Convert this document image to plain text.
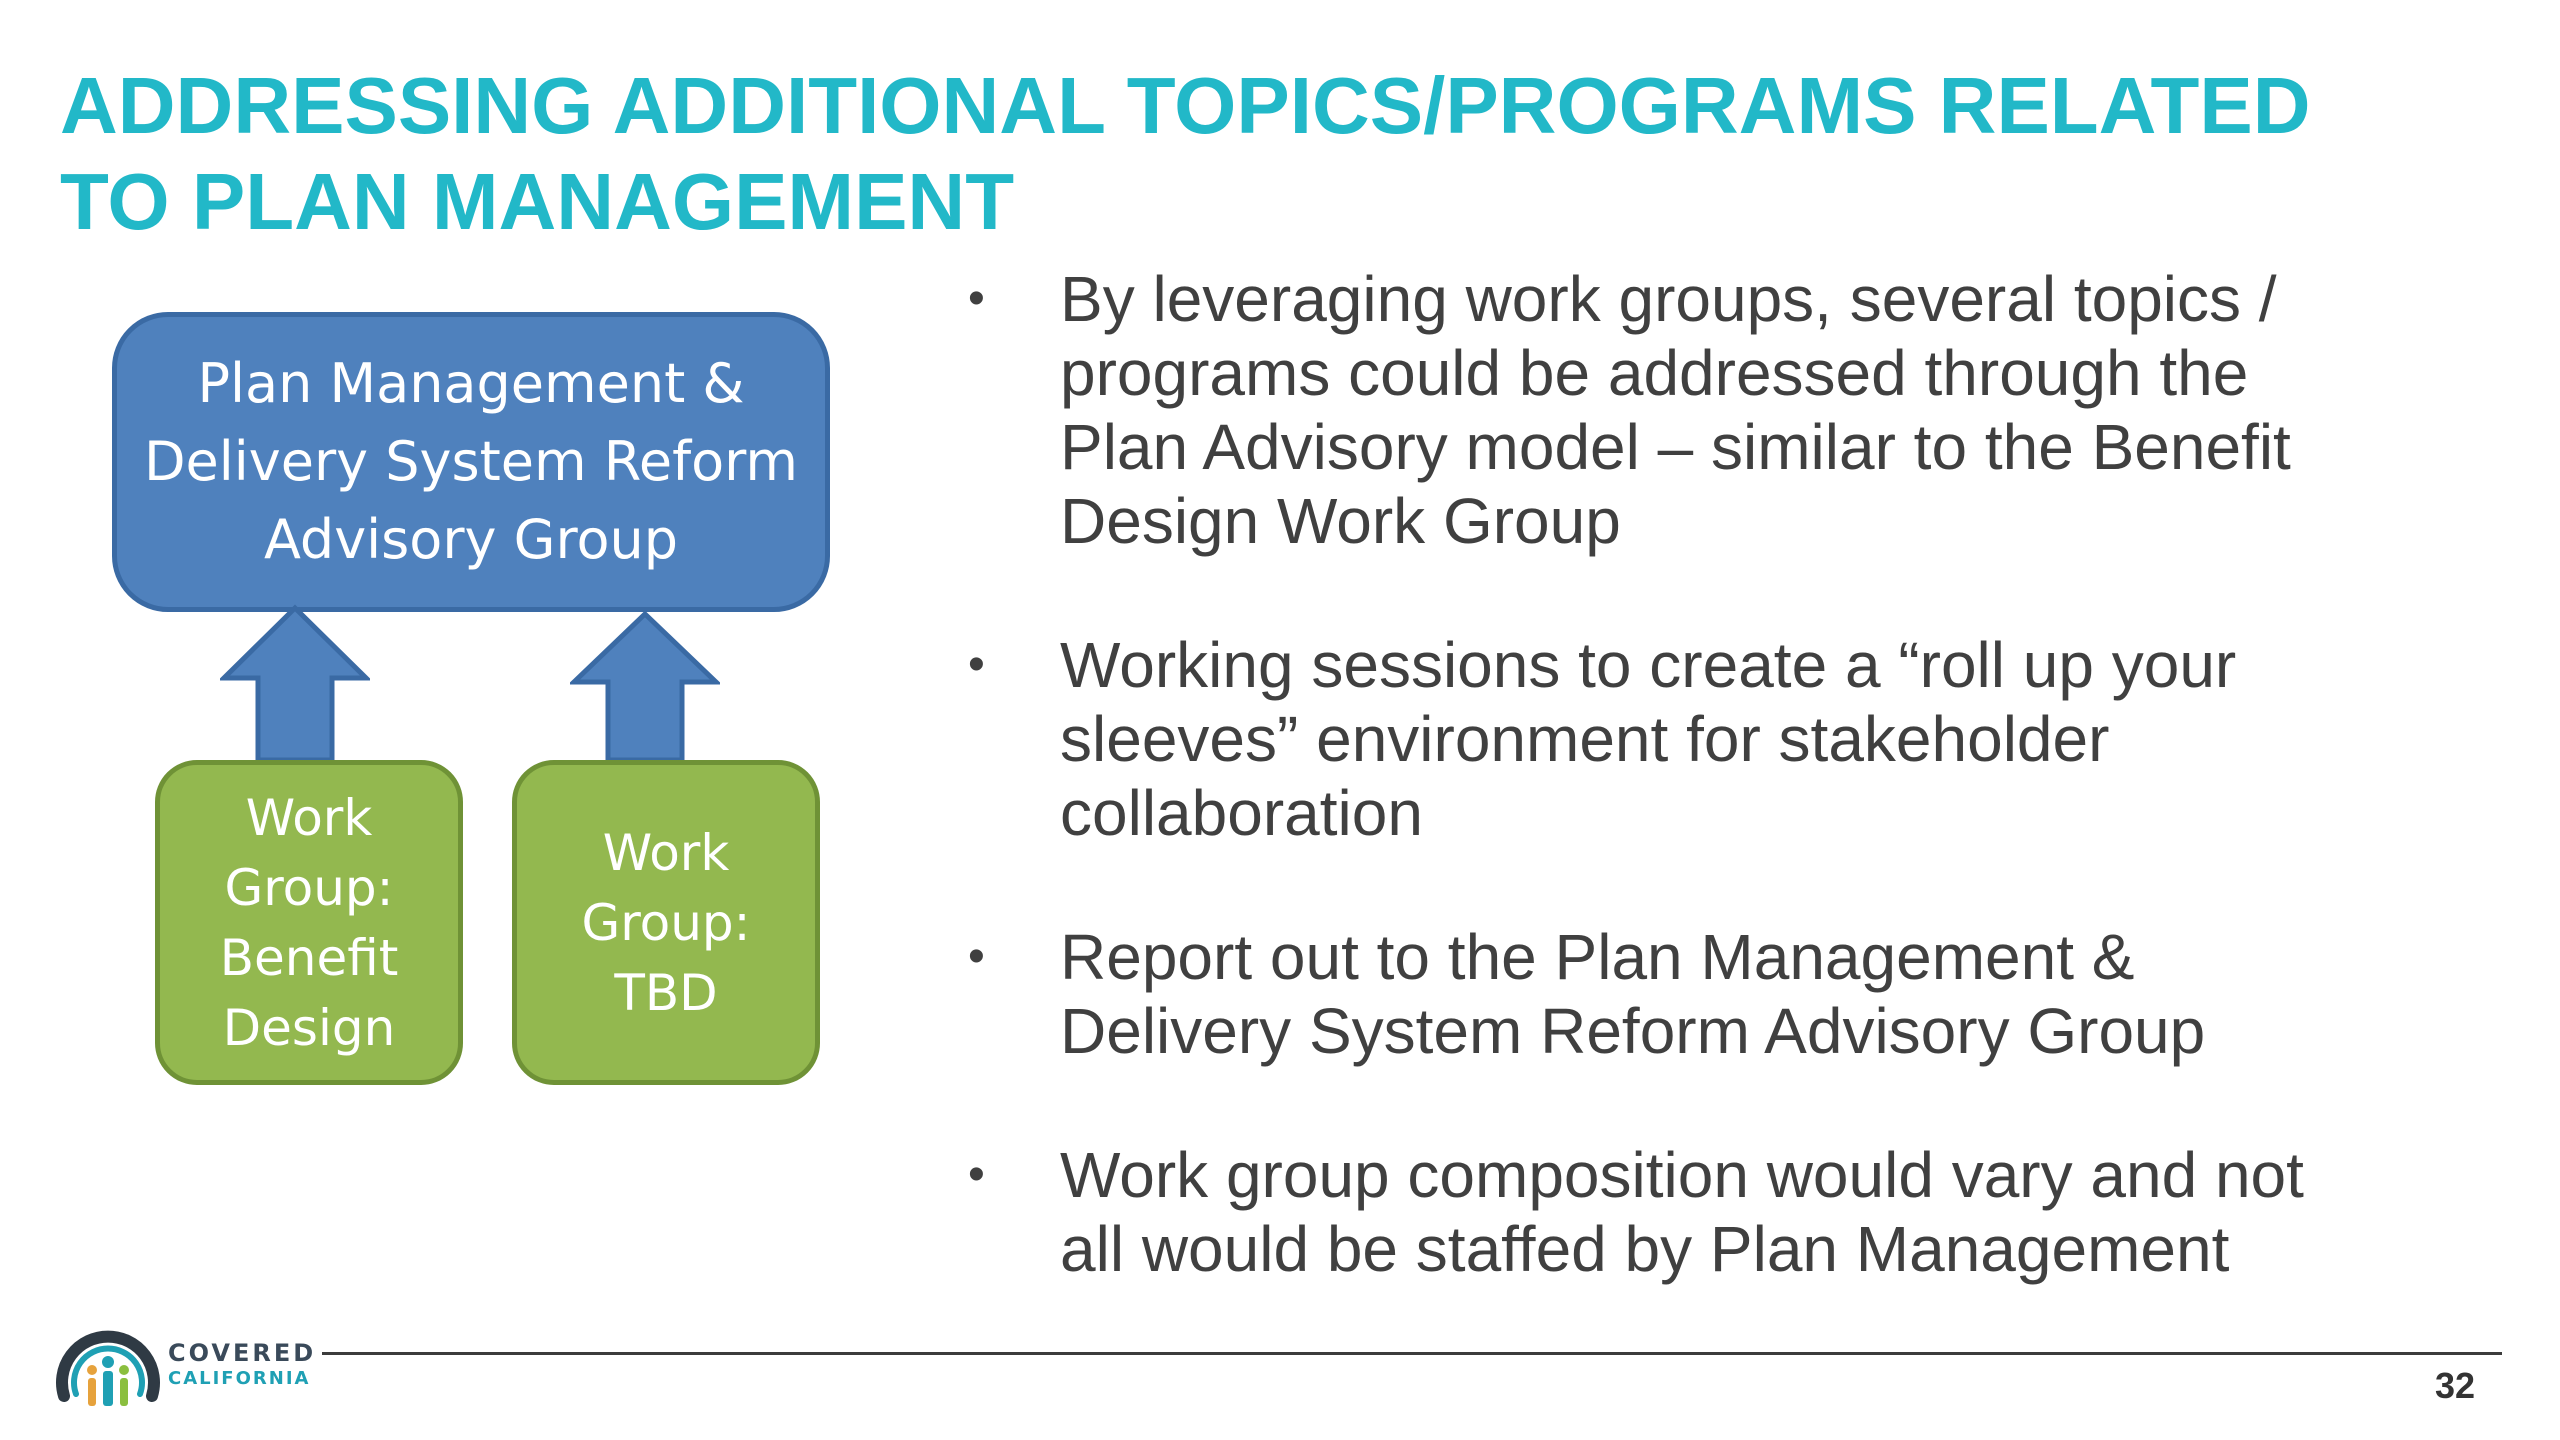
ADDRESSING ADDITIONAL TOPICS/PROGRAMS RELATED
TO PLAN MANAGEMENT
Plan Management &
Delivery System Reform
Advisory Group
Work
Group:
Benefit
Design
Work
Group:
TBD
• By leveraging work groups, several topics /
programs could be addressed through the
Plan Advisory model – similar to the Benefit
Design Work Group
• Working sessions to create a “roll up your
sleeves” environment for stakeholder
collaboration
• Report out to the Plan Management &
Delivery System Reform Advisory Group
• Work group composition would vary and not
all would be staffed by Plan Management
COVERED
CALIFORNIA	32
